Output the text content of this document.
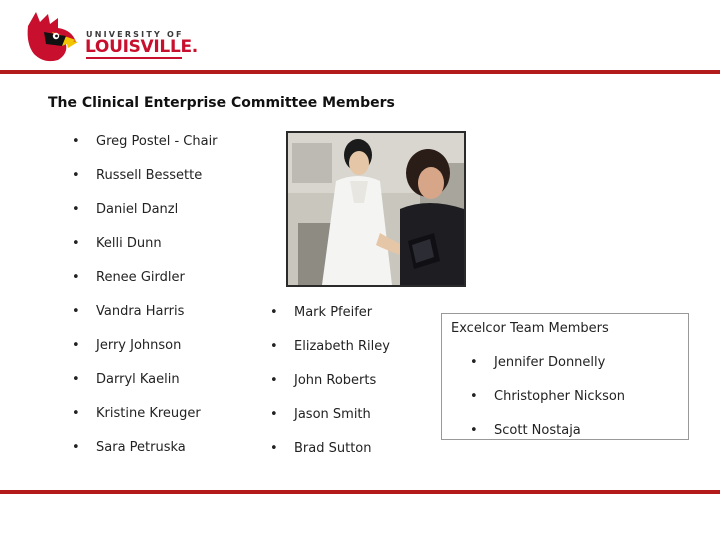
UNIVERSITY OF
LOUISVILLE.
The Clinical Enterprise Committee Members
• Greg Postel - Chair
• Russell Bessette
• Daniel Danzl
• Kelli Dunn
• Renee Girdler
• Vandra Harris
• Jerry Johnson
• Darryl Kaelin
• Kristine Kreuger
• Sara Petruska
• Mark Pfeifer
• Elizabeth Riley
• John Roberts
• Jason Smith
• Brad Sutton
Excelcor Team Members
• Jennifer Donnelly
• Christopher Nickson
• Scott Nostaja
